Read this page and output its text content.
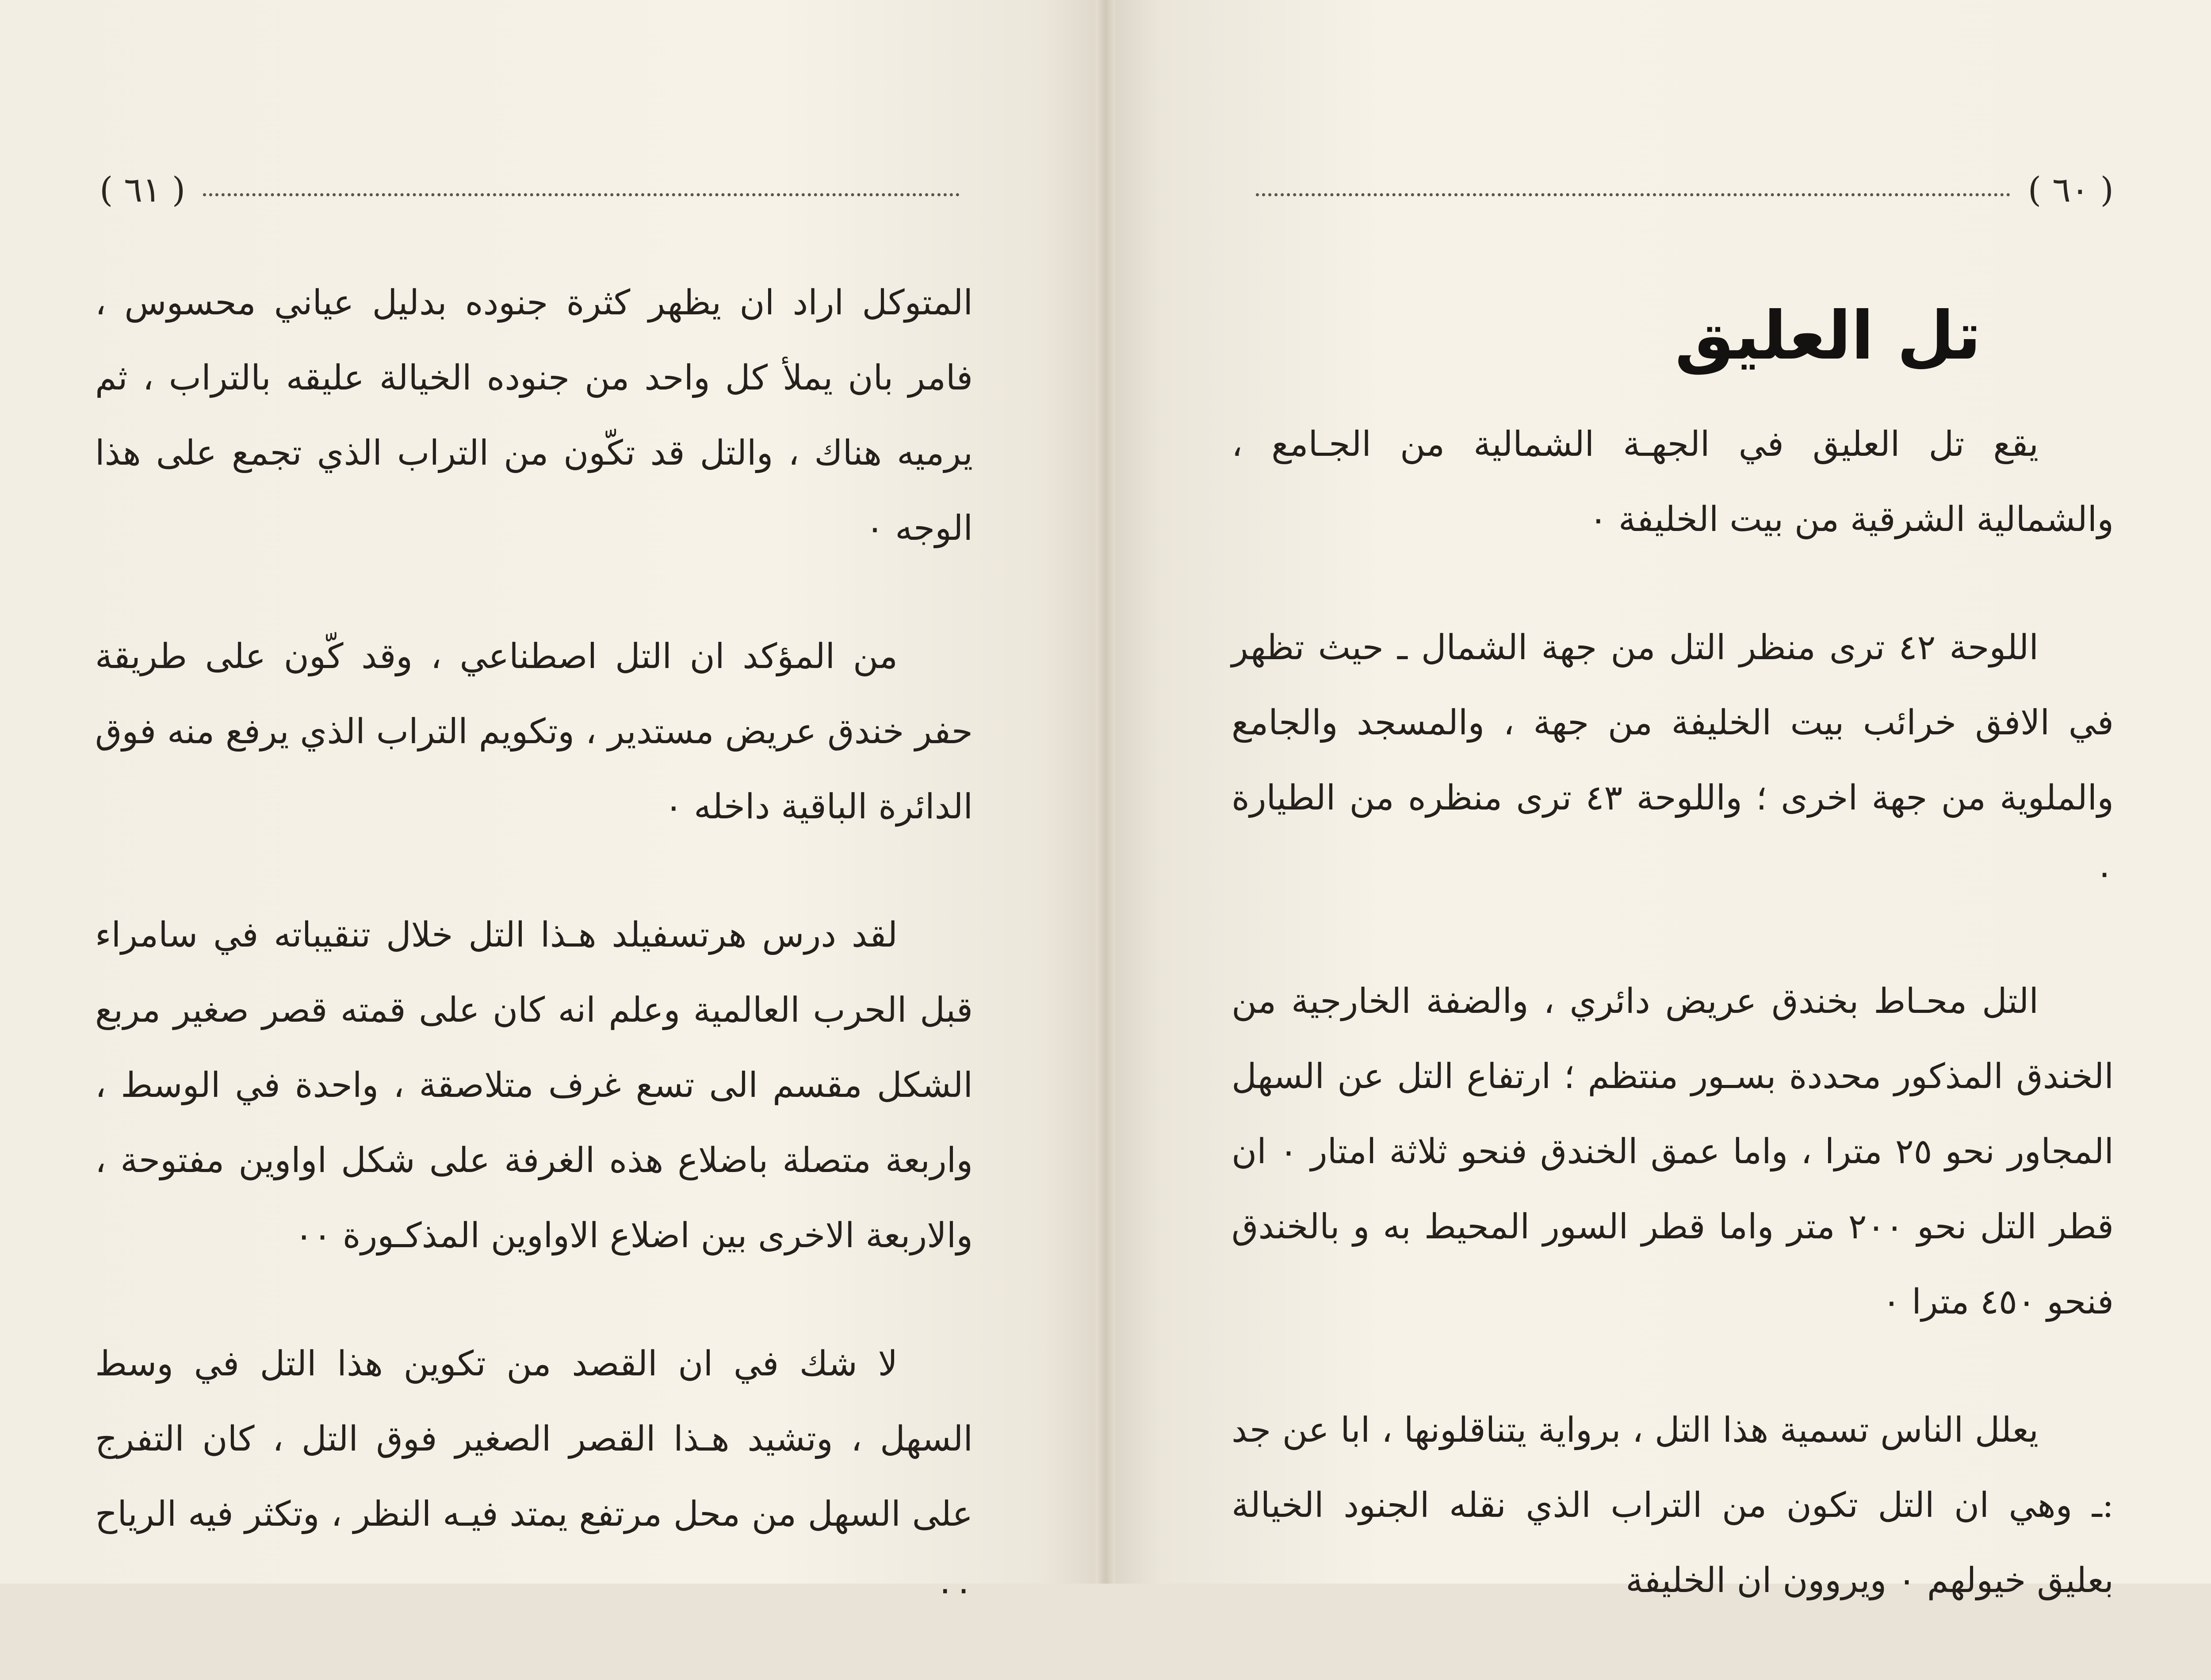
( ٦١ )

المتوكل اراد ان يظهر كثرة جنوده بدليل عياني محسوس ، فامر بان يملأ كل واحد من جنوده الخيالة عليقه بالتراب ، ثم يرميه هناك ، والتل قد تكّون من التراب الذي تجمع على هذا الوجه ٠

من المؤكد ان التل اصطناعي ، وقد كّون على طريقة حفر خندق عريض مستدير ، وتكويم التراب الذي يرفع منه فوق الدائرة الباقية داخله ٠

لقد درس هرتسفيلد هـذا التل خلال تنقيباته في سامراء قبل الحرب العالمية وعلم انه كان على قمته قصر صغير مربع الشكل مقسم الى تسع غرف متلاصقة ، واحدة في الوسط ، واربعة متصلة باضلاع هذه الغرفة على شكل اواوين مفتوحة ، والاربعة الاخرى بين اضلاع الاواوين المذكـورة ٠٠

لا شك في ان القصد من تكوين هذا التل في وسط السهل ، وتشيد هـذا القصر الصغير فوق التل ، كان التفرج على السهل من محل مرتفع يمتد فيـه النظر ، وتكثر فيه الرياح ٠٠

( ٦٠ )
تل العليق

يقع تل العليق في الجهـة الشمالية من الجـامع ، والشمالية الشرقية من بيت الخليفة ٠

اللوحة ٤٢ ترى منظر التل من جهة الشمال ـ حيث تظهر في الافق خرائب بيت الخليفة من جهة ، والمسجد والجامع والملوية من جهة اخرى ؛ واللوحة ٤٣ ترى منظره من الطيارة ٠

التل محـاط بخندق عريض دائري ، والضفة الخارجية من الخندق المذكور محددة بسـور منتظم ؛ ارتفاع التل عن السهل المجاور نحو ٢٥ مترا ، واما عمق الخندق فنحو ثلاثة امتار ٠ ان قطر التل نحو ٢٠٠ متر واما قطر السور المحيط به و بالخندق فنحو ٤٥٠ مترا ٠

يعلل الناس تسمية هذا التل ، برواية يتناقلونها ، ابا عن جد :ـ وهي ان التل تكون من التراب الذي نقله الجنود الخيالة بعليق خيولهم ٠ ويروون ان الخليفة
